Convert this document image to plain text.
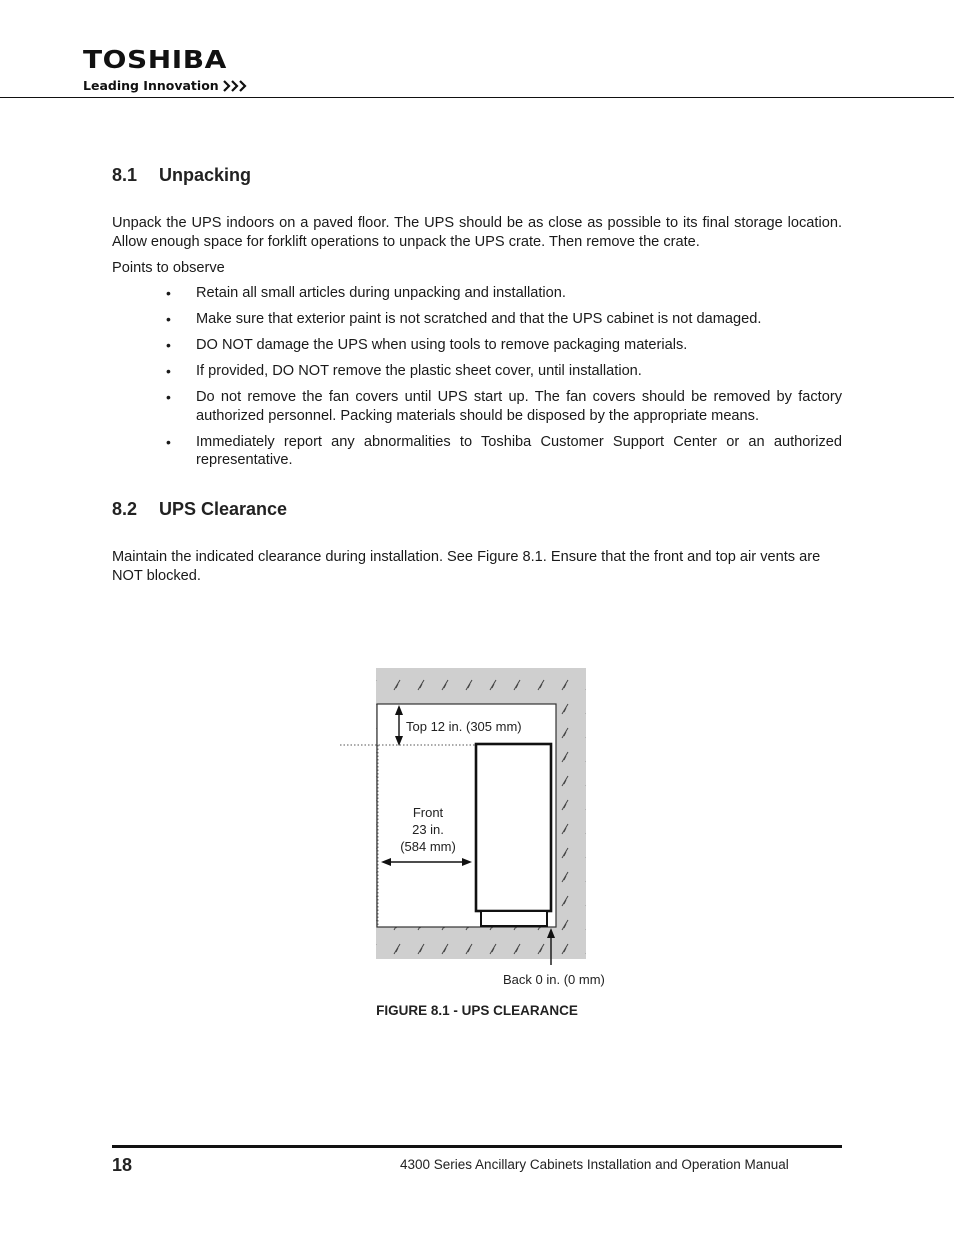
TOSHIBA
Leading Innovation
8.1 Unpacking

Unpack the UPS indoors on a paved floor. The UPS should be as close as possible to its final storage location. Allow enough space for forklift operations to unpack the UPS crate. Then remove the crate.

Points to observe

• Retain all small articles during unpacking and installation.
• Make sure that exterior paint is not scratched and that the UPS cabinet is not damaged.
• DO NOT damage the UPS when using tools to remove packaging materials.
• If provided, DO NOT remove the plastic sheet cover, until installation.
• Do not remove the fan covers until UPS start up. The fan covers should be removed by factory authorized personnel. Packing materials should be disposed by the appropriate means.
• Immediately report any abnormalities to Toshiba Customer Support Center or an authorized representative.
8.2 UPS Clearance

Maintain the indicated clearance during installation. See Figure 8.1. Ensure that the front and top air vents are NOT blocked.

Top 12 in. (305 mm)
Front
23 in.
(584 mm)
Back 0 in. (0 mm)
FIGURE 8.1 - UPS CLEARANCE
18	4300 Series Ancillary Cabinets Installation and Operation Manual
